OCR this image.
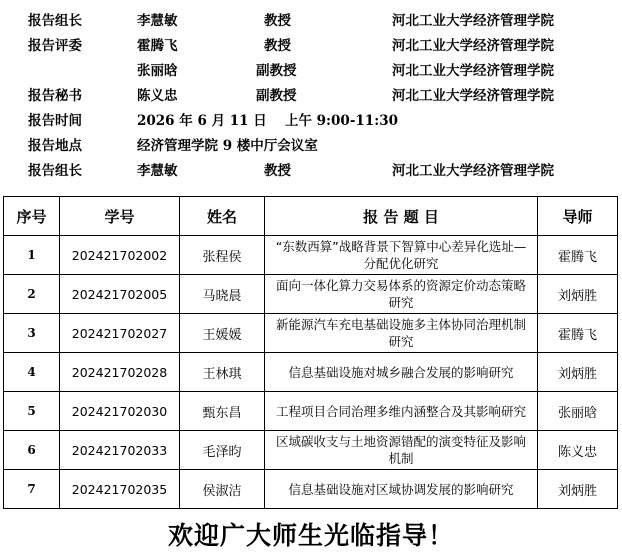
报告组长	李慧敏	教授	河北工业大学经济管理学院
报告评委	霍腾飞	教授	河北工业大学经济管理学院
张丽晗	副教授	河北工业大学经济管理学院
报告秘书	陈义忠	副教授	河北工业大学经济管理学院
报告时间	2026 年 6 月 11 日　 上午 9:00-11:30
报告地点	经济管理学院 9 楼中厅会议室
报告组长	李慧敏	教授	河北工业大学经济管理学院
序号	学号	姓名	报 告 题 目	导师
1	202421702002	张程侯	“东数西算”战略背景下智算中心差异化选址—分配优化研究	霍腾飞
2	202421702005	马晓晨	面向一体化算力交易体系的资源定价动态策略研究	刘炳胜
3	202421702027	王媛媛	新能源汽车充电基础设施多主体协同治理机制研究	霍腾飞
4	202421702028	王林琪	信息基础设施对城乡融合发展的影响研究	刘炳胜
5	202421702030	甄东昌	工程项目合同治理多维内涵整合及其影响研究	张丽晗
6	202421702033	毛泽昀	区域碳收支与土地资源错配的演变特征及影响机制	陈义忠
7	202421702035	侯淑洁	信息基础设施对区域协调发展的影响研究	刘炳胜
欢迎广大师生光临指导！
